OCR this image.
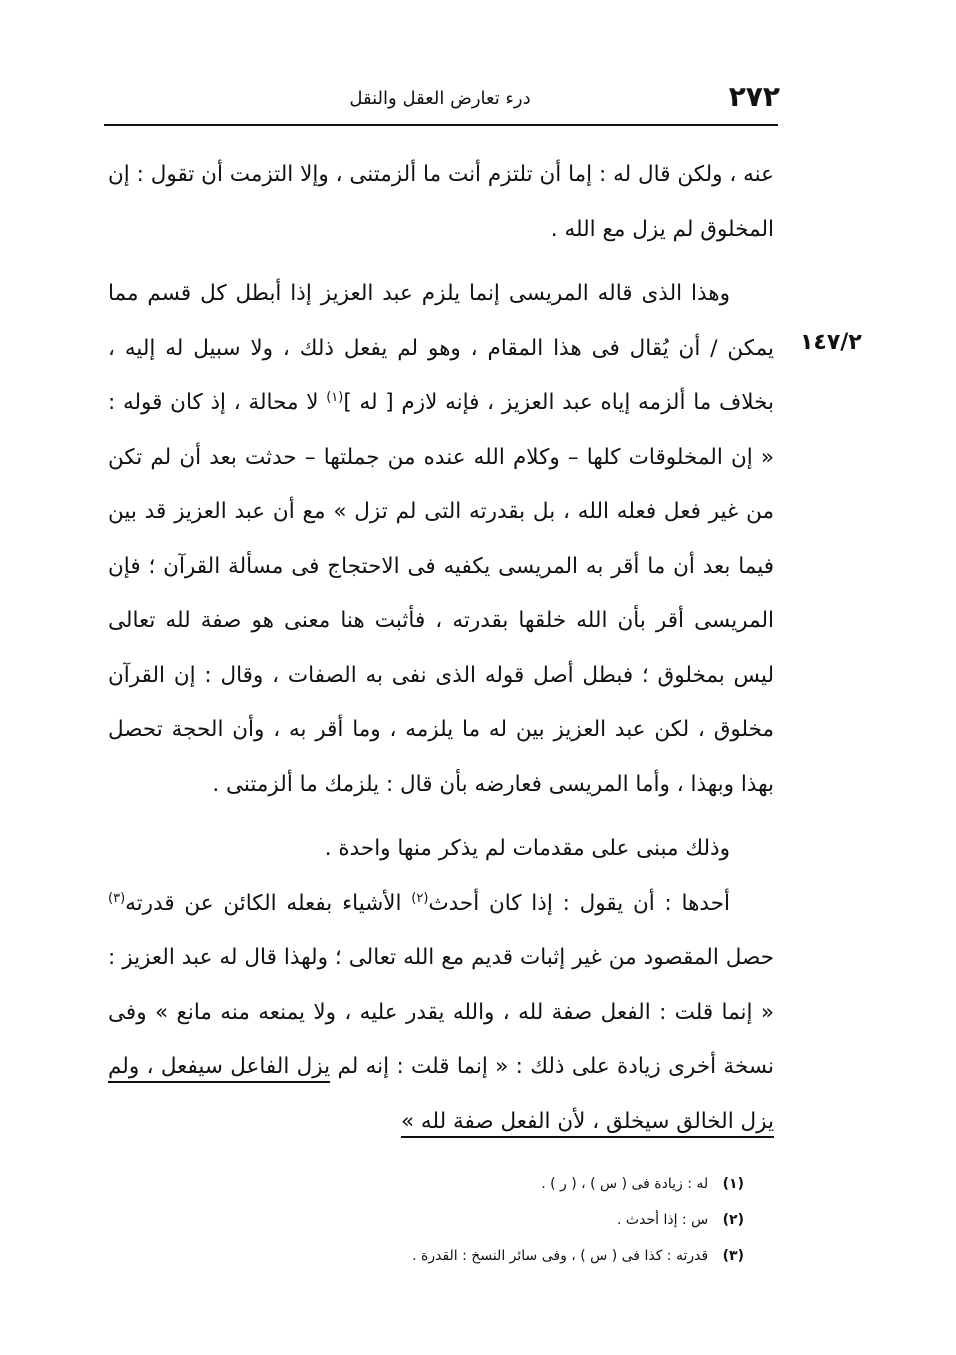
٢٧٢
درء تعارض العقل والنقل
١٤٧/٢

عنه ، ولكن قال له : إما أن تلتزم أنت ما ألزمتنى ، وإلا التزمت أن تقول : إن المخلوق لم يزل مع الله .

وهذا الذى قاله المريسى إنما يلزم عبد العزيز إذا أبطل كل قسم مما يمكن / أن يُقال فى هذا المقام ، وهو لم يفعل ذلك ، ولا سبيل له إليه ، بخلاف ما ألزمه إياه عبد العزيز ، فإنه لازم [ له ]$^{(١)}$ لا محالة ، إذ كان قوله : « إن المخلوقات كلها – وكلام الله عنده من جملتها – حدثت بعد أن لم تكن من غير فعل فعله الله ، بل بقدرته التى لم تزل » مع أن عبد العزيز قد بين فيما بعد أن ما أقر به المريسى يكفيه فى الاحتجاج فى مسألة القرآن ؛ فإن المريسى أقر بأن الله خلقها بقدرته ، فأثبت هنا معنى هو صفة لله تعالى ليس بمخلوق ؛ فبطل أصل قوله الذى نفى به الصفات ، وقال : إن القرآن مخلوق ، لكن عبد العزيز بين له ما يلزمه ، وما أقر به ، وأن الحجة تحصل بهذا وبهذا ، وأما المريسى فعارضه بأن قال : يلزمك ما ألزمتنى .

وذلك مبنى على مقدمات لم يذكر منها واحدة .

أحدها : أن يقول : إذا كان أحدث$^{(٢)}$ الأشياء بفعله الكائن عن قدرته$^{(٣)}$ حصل المقصود من غير إثبات قديم مع الله تعالى ؛ ولهذا قال له عبد العزيز : « إنما قلت : الفعل صفة لله ، والله يقدر عليه ، ولا يمنعه منه مانع » وفى نسخة أخرى زيادة على ذلك : « إنما قلت : إنه لم يزل الفاعل سيفعل ، ولم يزل الخالق سيخلق ، لأن الفعل صفة لله »

(١) له : زيادة فى ( س ) ، ( ر ) .

(٢) س : إذا أحدث .

(٣) قدرته : كذا فى ( س ) ، وفى سائر النسخ : القدرة .
